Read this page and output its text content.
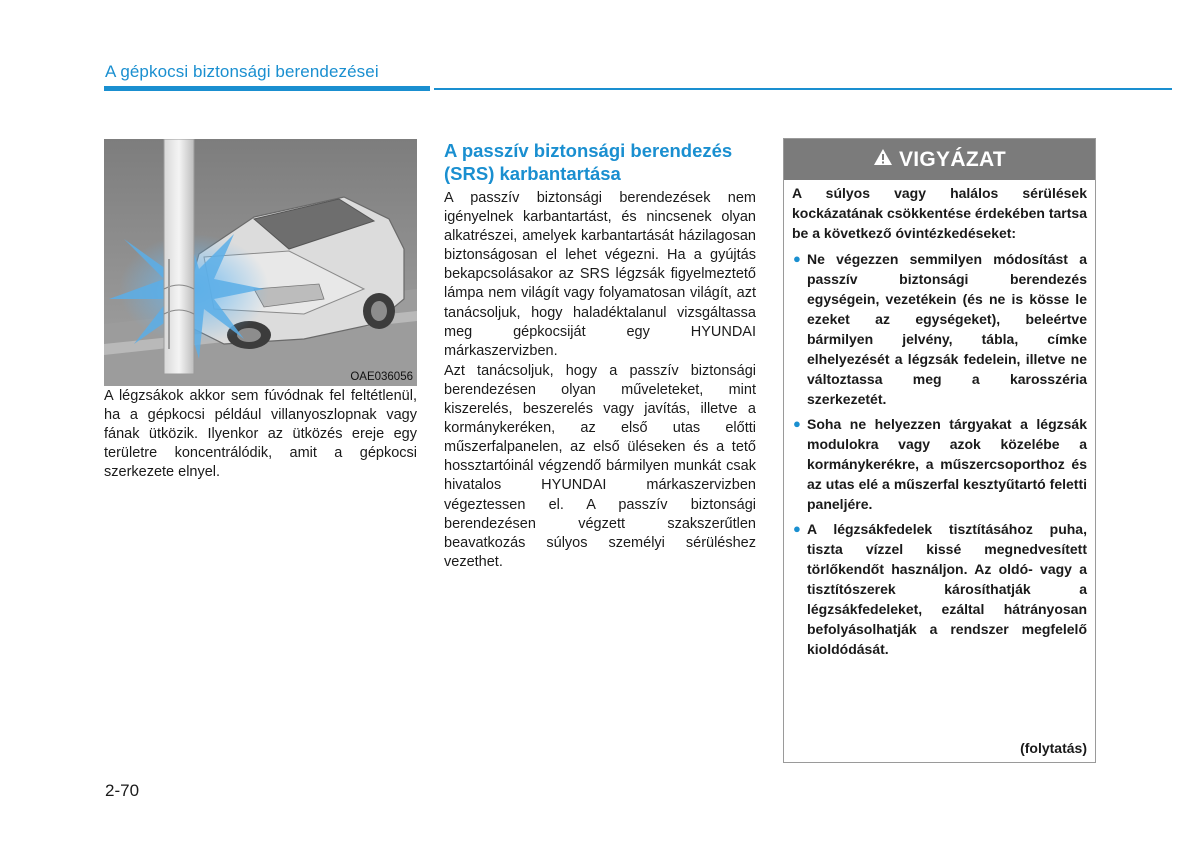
A gépkocsi biztonsági berendezései
OAE036056
A légzsákok akkor sem fúvódnak fel feltétlenül, ha a gépkocsi például villanyoszlopnak vagy fának ütközik. Ilyenkor az ütközés ereje egy területre koncentrálódik, amit a gépkocsi szerkezete elnyel.
A passzív biztonsági berendezés (SRS) karbantartása

A passzív biztonsági berendezések nem igényelnek karbantartást, és nincsenek olyan alkatrészei, amelyek karbantartását házilagosan biztonságosan el lehet végezni. Ha a gyújtás bekapcsolásakor az SRS légzsák figyelmeztető lámpa nem világít vagy folyamatosan világít, azt tanácsoljuk, hogy haladéktalanul vizsgáltassa meg gépkocsiját egy HYUNDAI márkaszervizben.

Azt tanácsoljuk, hogy a passzív biztonsági berendezésen olyan műveleteket, mint kiszerelés, beszerelés vagy javítás, illetve a kormánykeréken, az első utas előtti műszerfalpanelen, az első üléseken és a tető hossztartóinál végzendő bármilyen munkát csak hivatalos HYUNDAI márkaszervizben végeztessen el. A passzív biztonsági berendezésen végzett szakszerűtlen beavatkozás súlyos személyi sérüléshez vezethet.

VIGYÁZAT
A súlyos vagy halálos sérülések kockázatának csökkentése érdekében tartsa be a következő óvintézkedéseket:
● Ne végezzen semmilyen módosítást a passzív biztonsági berendezés egységein, vezetékein (és ne is kösse le ezeket az egységeket), beleértve bármilyen jelvény, tábla, címke elhelyezését a légzsák fedelein, illetve ne változtassa meg a karosszéria szerkezetét.
● Soha ne helyezzen tárgyakat a légzsák modulokra vagy azok közelébe a kormánykerékre, a műszercsoporthoz és az utas elé a műszerfal kesztyűtartó feletti paneljére.
● A légzsákfedelek tisztításához puha, tiszta vízzel kissé megnedvesített törlőkendőt használjon. Az oldó- vagy a tisztítószerek károsíthatják a légzsákfedeleket, ezáltal hátrányosan befolyásolhatják a rendszer megfelelő kioldódását.
(folytatás)
2-70
